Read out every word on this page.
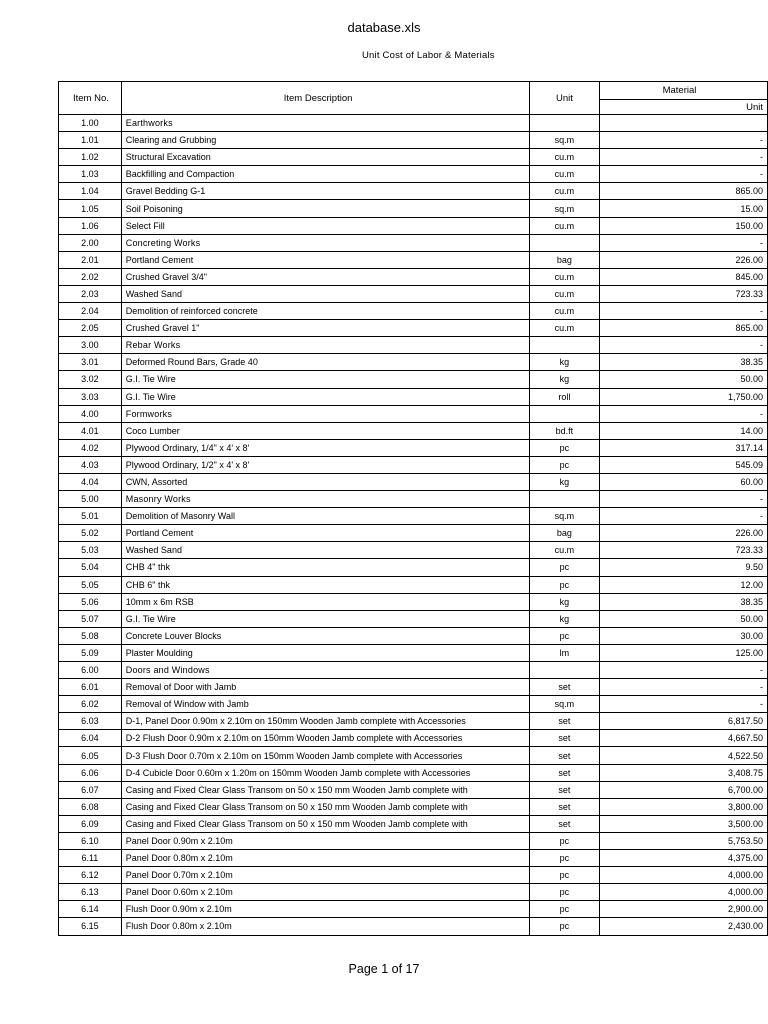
database.xls
Unit Cost of Labor & Materials
Item No.	Item Description	Unit	Material
			Unit
1.00	Earthworks		
1.01	Clearing and Grubbing	sq.m	-
1.02	Structural Excavation	cu.m	-
1.03	Backfilling and Compaction	cu.m	-
1.04	Gravel Bedding G-1	cu.m	865.00
1.05	Soil Poisoning	sq.m	15.00
1.06	Select Fill	cu.m	150.00
2.00	Concreting Works		-
2.01	Portland Cement	bag	226.00
2.02	Crushed Gravel 3/4"	cu.m	845.00
2.03	Washed Sand	cu.m	723.33
2.04	Demolition of reinforced concrete	cu.m	-
2.05	Crushed Gravel 1"	cu.m	865.00
3.00	Rebar Works		-
3.01	Deformed Round Bars, Grade 40	kg	38.35
3.02	G.I. Tie Wire	kg	50.00
3.03	G.I. Tie Wire	roll	1,750.00
4.00	Formworks		-
4.01	Coco Lumber	bd.ft	14.00
4.02	Plywood Ordinary, 1/4" x 4' x 8'	pc	317.14
4.03	Plywood Ordinary, 1/2" x 4' x 8'	pc	545.09
4.04	CWN, Assorted	kg	60.00
5.00	Masonry Works		-
5.01	Demolition of Masonry Wall	sq.m	-
5.02	Portland Cement	bag	226.00
5.03	Washed Sand	cu.m	723.33
5.04	CHB 4" thk	pc	9.50
5.05	CHB 6" thk	pc	12.00
5.06	10mm x 6m RSB	kg	38.35
5.07	G.I. Tie Wire	kg	50.00
5.08	Concrete Louver Blocks	pc	30.00
5.09	Plaster Moulding	lm	125.00
6.00	Doors and Windows		-
6.01	Removal of Door with Jamb	set	-
6.02	Removal of Window with Jamb	sq.m	-
6.03	D-1, Panel Door 0.90m x 2.10m on 150mm Wooden Jamb complete with Accessories	set	6,817.50
6.04	D-2 Flush Door 0.90m x 2.10m on 150mm Wooden Jamb complete with Accessories	set	4,667.50
6.05	D-3 Flush Door 0.70m x 2.10m on 150mm Wooden Jamb complete with Accessories	set	4,522.50
6.06	D-4 Cubicle Door 0.60m x 1.20m on 150mm Wooden Jamb complete with Accessories	set	3,408.75
6.07	Casing and Fixed Clear Glass Transom on 50 x 150 mm Wooden Jamb complete with	set	6,700.00
6.08	Casing and Fixed Clear Glass Transom on 50 x 150 mm Wooden Jamb complete with	set	3,800.00
6.09	Casing and Fixed Clear Glass Transom on 50 x 150 mm Wooden Jamb complete with	set	3,500.00
6.10	Panel Door 0.90m x 2.10m	pc	5,753.50
6.11	Panel Door 0.80m x 2.10m	pc	4,375.00
6.12	Panel Door 0.70m x 2.10m	pc	4,000.00
6.13	Panel Door 0.60m x 2.10m	pc	4,000.00
6.14	Flush Door 0.90m x 2.10m	pc	2,900.00
6.15	Flush Door 0.80m x 2.10m	pc	2,430.00
Page 1 of 17
